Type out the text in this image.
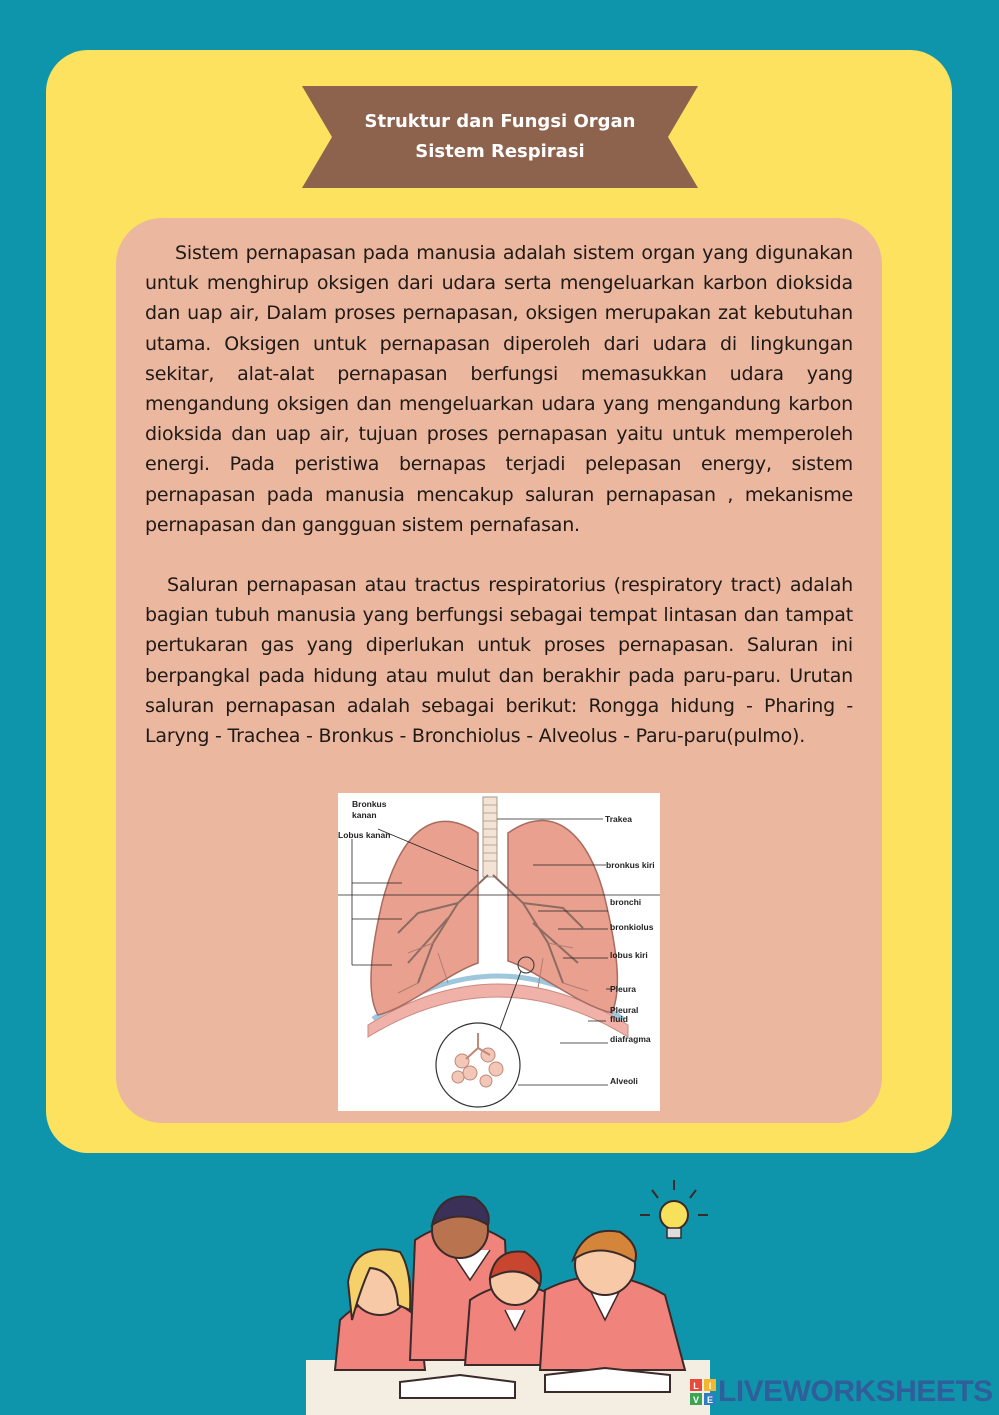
Struktur dan Fungsi Organ
Sistem Respirasi

Sistem pernapasan pada manusia adalah sistem organ yang digunakan untuk menghirup oksigen dari udara serta mengeluarkan karbon dioksida dan uap air, Dalam proses pernapasan, oksigen merupakan zat kebutuhan utama. Oksigen untuk pernapasan diperoleh dari udara di lingkungan sekitar, alat-alat pernapasan berfungsi memasukkan udara yang mengandung oksigen dan mengeluarkan udara yang mengandung karbon dioksida dan uap air, tujuan proses pernapasan yaitu untuk memperoleh energi. Pada peristiwa bernapas terjadi pelepasan energy, sistem pernapasan pada manusia mencakup saluran pernapasan , mekanisme pernapasan dan gangguan sistem pernafasan.

Saluran pernapasan atau tractus respiratorius (respiratory tract) adalah bagian tubuh manusia yang berfungsi sebagai tempat lintasan dan tampat pertukaran gas yang diperlukan untuk proses pernapasan. Saluran ini berpangkal pada hidung atau mulut dan berakhir pada paru-paru. Urutan saluran pernapasan adalah sebagai berikut: Rongga hidung - Pharing - Laryng - Trachea - Bronkus - Bronchiolus - Alveolus - Paru-paru(pulmo).

Bronkus
kanan
Lobus kanan
Trakea
bronkus kiri
bronchi
bronkiolus
lobus kiri
Pleura
Pleural
fluid
diafragma
Alveoli
L I
V E LIVEWORKSHEETS
